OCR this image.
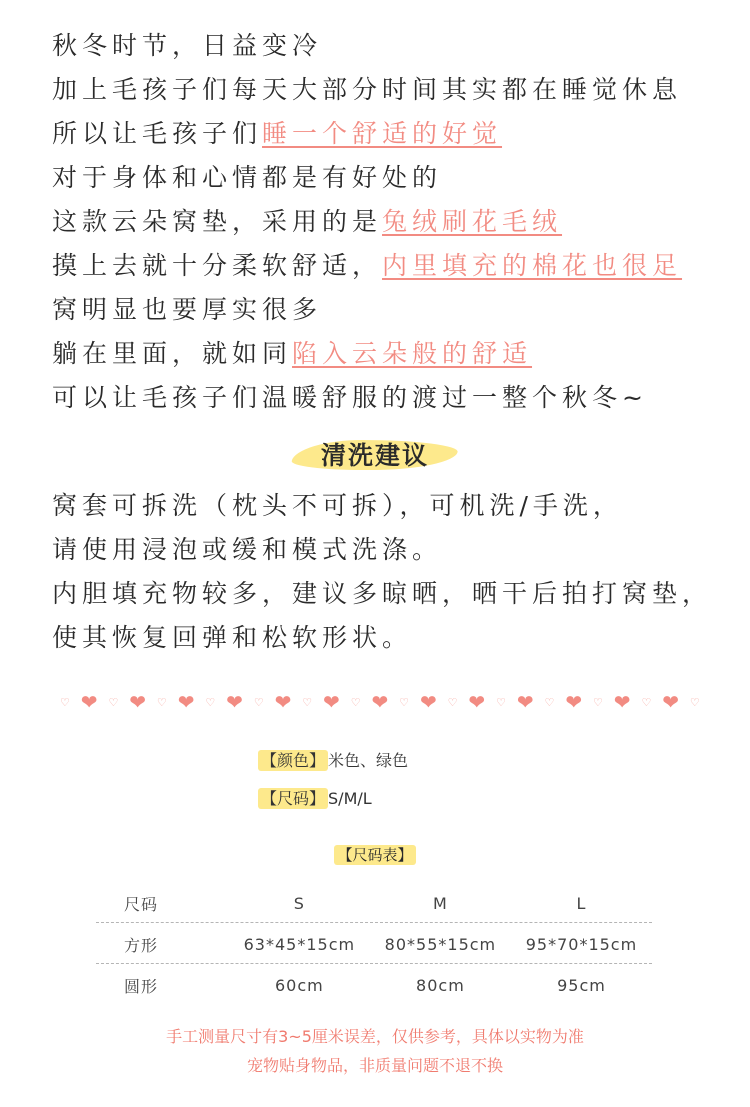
秋冬时节，日益变冷
加上毛孩子们每天大部分时间其实都在睡觉休息
所以让毛孩子们睡一个舒适的好觉
对于身体和心情都是有好处的
这款云朵窝垫，采用的是兔绒刷花毛绒
摸上去就十分柔软舒适，内里填充的棉花也很足
窝明显也要厚实很多
躺在里面，就如同陷入云朵般的舒适
可以让毛孩子们温暖舒服的渡过一整个秋冬~
清洗建议
窝套可拆洗（枕头不可拆），可机洗/手洗，
请使用浸泡或缓和模式洗涤。
内胆填充物较多，建议多晾晒，晒干后拍打窝垫，
使其恢复回弹和松软形状。
♡ ❤ ♡ ❤ ♡ ❤ ♡ ❤ ♡ ❤ ♡ ❤ ♡ ❤ ♡ ❤ ♡ ❤ ♡ ❤ ♡ ❤ ♡ ❤ ♡ ❤ ♡
【颜色】 米色、绿色
【尺码】 S/M/L
【尺码表】
尺码	S	M	L
方形	63*45*15cm	80*55*15cm	95*70*15cm
圆形	60cm	80cm	95cm
手工测量尺寸有3~5厘米误差，仅供参考，具体以实物为准
宠物贴身物品，非质量问题不退不换
